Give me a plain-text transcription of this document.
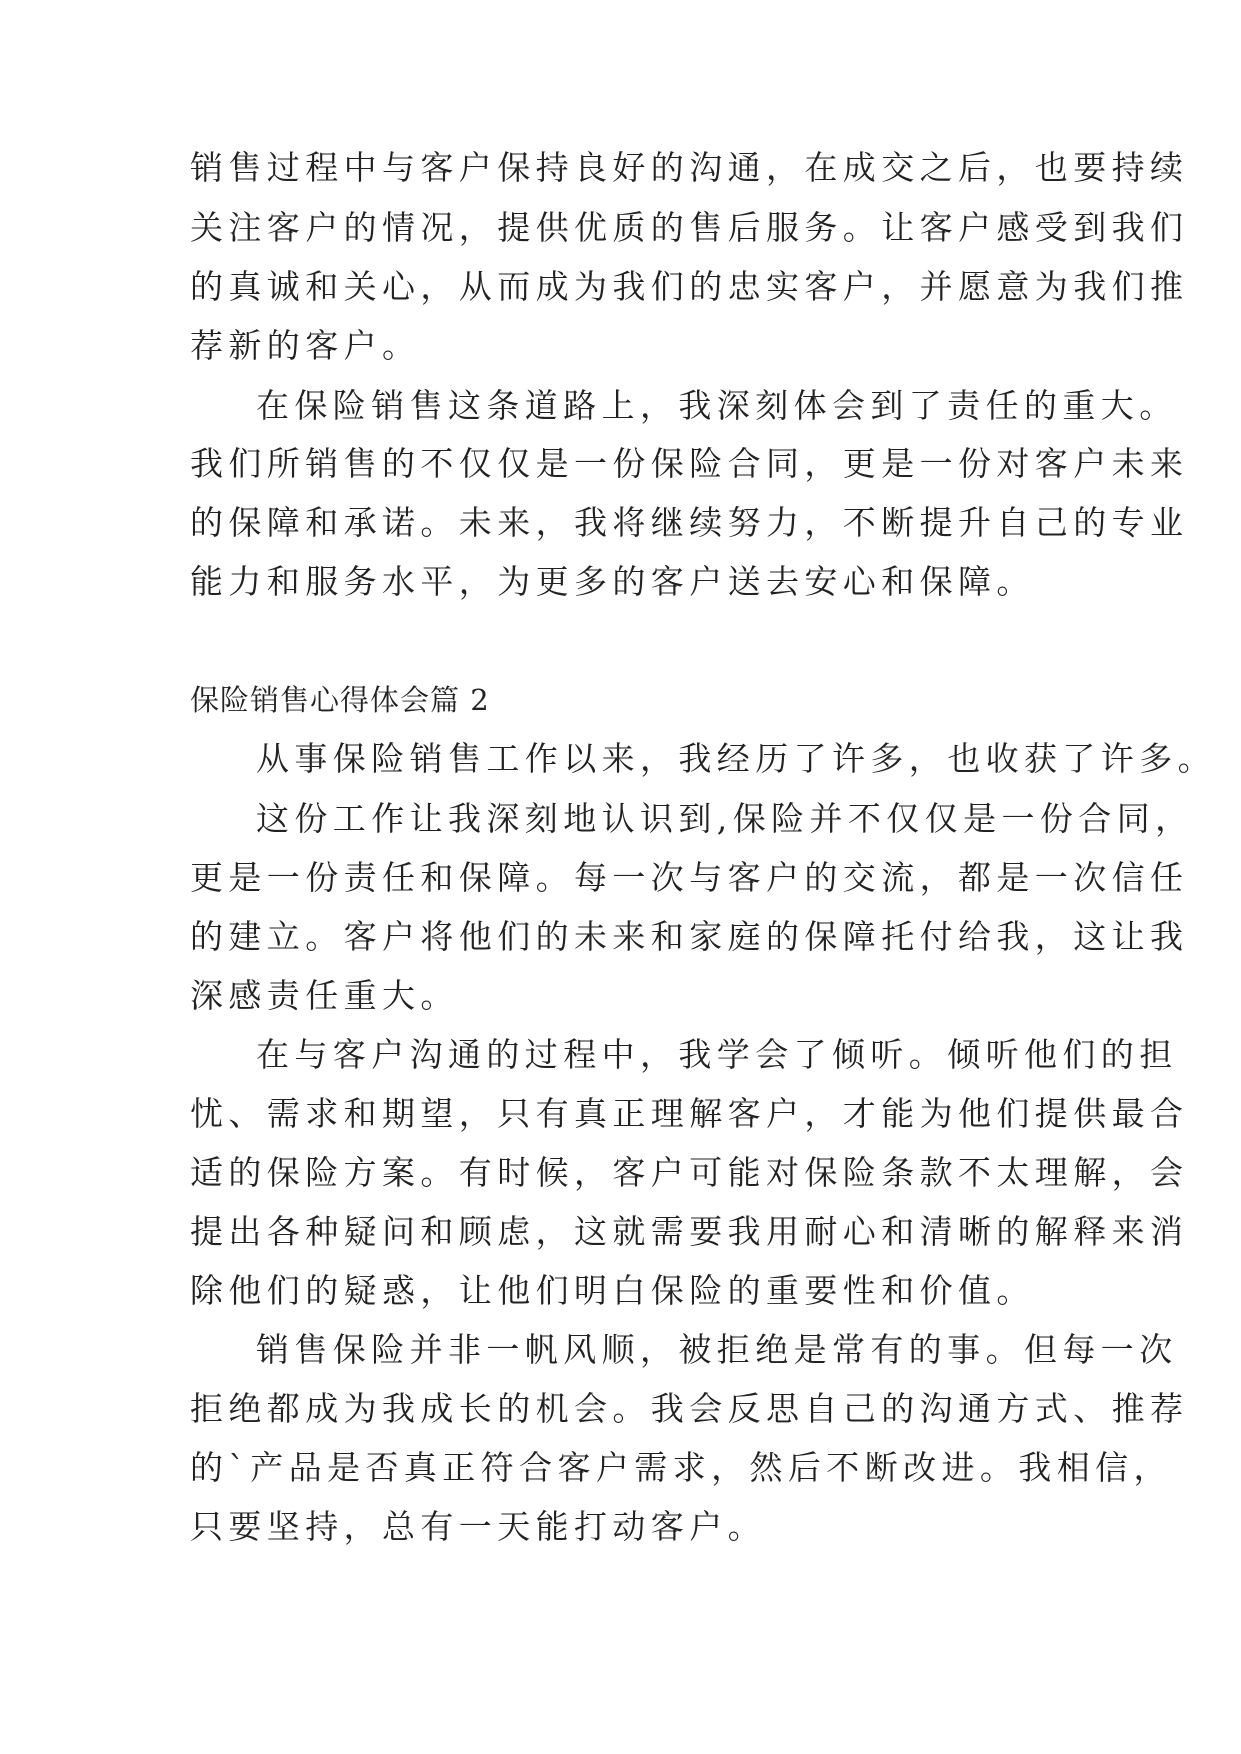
销售过程中与客户保持良好的沟通，在成交之后，也要持续
关注客户的情况，提供优质的售后服务。让客户感受到我们
的真诚和关心，从而成为我们的忠实客户，并愿意为我们推
荐新的客户。
在保险销售这条道路上，我深刻体会到了责任的重大。
我们所销售的不仅仅是一份保险合同，更是一份对客户未来
的保障和承诺。未来，我将继续努力，不断提升自己的专业
能力和服务水平，为更多的客户送去安心和保障。
保险销售心得体会篇 2
从事保险销售工作以来，我经历了许多，也收获了许多。
这份工作让我深刻地认识到,保险并不仅仅是一份合同，
更是一份责任和保障。每一次与客户的交流，都是一次信任
的建立。客户将他们的未来和家庭的保障托付给我，这让我
深感责任重大。
在与客户沟通的过程中，我学会了倾听。倾听他们的担
忧、需求和期望，只有真正理解客户，才能为他们提供最合
适的保险方案。有时候，客户可能对保险条款不太理解，会
提出各种疑问和顾虑，这就需要我用耐心和清晰的解释来消
除他们的疑惑，让他们明白保险的重要性和价值。
销售保险并非一帆风顺，被拒绝是常有的事。但每一次
拒绝都成为我成长的机会。我会反思自己的沟通方式、推荐
的`产品是否真正符合客户需求，然后不断改进。我相信，
只要坚持，总有一天能打动客户。
